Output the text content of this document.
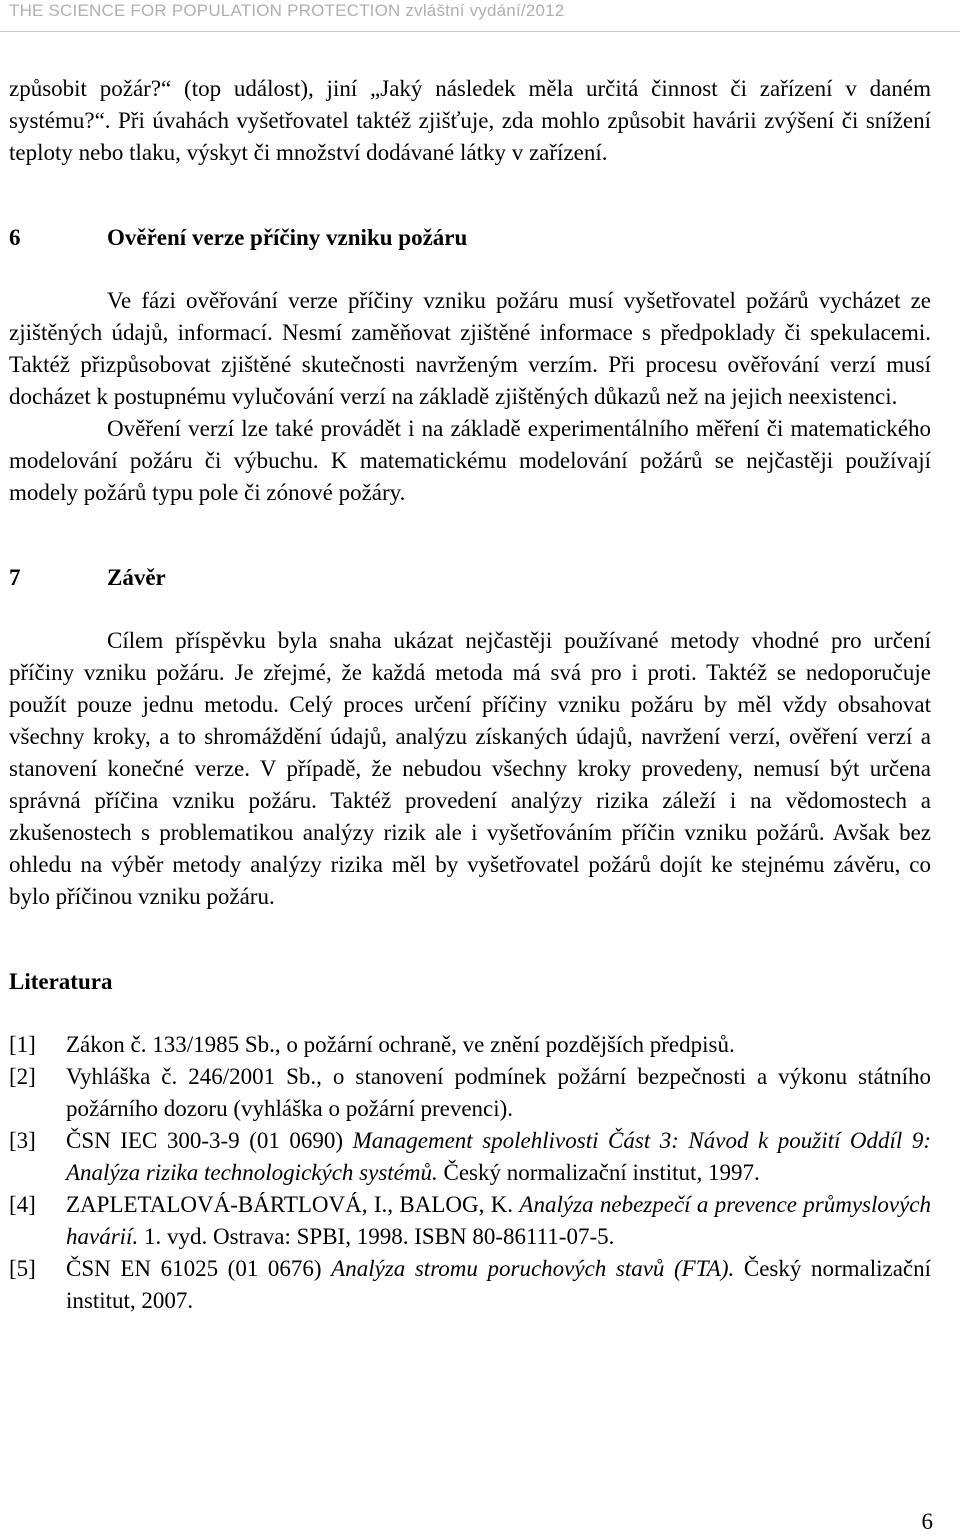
THE SCIENCE FOR POPULATION PROTECTION zvláštní vydání/2012

způsobit požár?“ (top událost), jiní „Jaký následek měla určitá činnost či zařízení v daném systému?“. Při úvahách vyšetřovatel taktéž zjišťuje, zda mohlo způsobit havárii zvýšení či snížení teploty nebo tlaku, výskyt či množství dodávané látky v zařízení.

6	Ověření verze příčiny vzniku požáru

Ve fázi ověřování verze příčiny vzniku požáru musí vyšetřovatel požárů vycházet ze zjištěných údajů, informací. Nesmí zaměňovat zjištěné informace s předpoklady či spekulacemi. Taktéž přizpůsobovat zjištěné skutečnosti navrženým verzím. Při procesu ověřování verzí musí docházet k postupnému vylučování verzí na základě zjištěných důkazů než na jejich neexistenci.

Ověření verzí lze také provádět i na základě experimentálního měření či matematického modelování požáru či výbuchu. K matematickému modelování požárů se nejčastěji používají modely požárů typu pole či zónové požáry.

7	Závěr

Cílem příspěvku byla snaha ukázat nejčastěji používané metody vhodné pro určení příčiny vzniku požáru. Je zřejmé, že každá metoda má svá pro i proti. Taktéž se nedoporučuje použít pouze jednu metodu. Celý proces určení příčiny vzniku požáru by měl vždy obsahovat všechny kroky, a to shromáždění údajů, analýzu získaných údajů, navržení verzí, ověření verzí a stanovení konečné verze. V případě, že nebudou všechny kroky provedeny, nemusí být určena správná příčina vzniku požáru. Taktéž provedení analýzy rizika záleží i na vědomostech a zkušenostech s problematikou analýzy rizik ale i vyšetřováním příčin vzniku požárů. Avšak bez ohledu na výběr metody analýzy rizika měl by vyšetřovatel požárů dojít ke stejnému závěru, co bylo příčinou vzniku požáru.

Literatura
[1]	Zákon č. 133/1985 Sb., o požární ochraně, ve znění pozdějších předpisů.
[2]	Vyhláška č. 246/2001 Sb., o stanovení podmínek požární bezpečnosti a výkonu státního požárního dozoru (vyhláška o požární prevenci).
[3]	ČSN IEC 300-3-9 (01 0690) Management spolehlivosti Část 3: Návod k použití Oddíl 9: Analýza rizika technologických systémů. Český normalizační institut, 1997.
[4]	ZAPLETALOVÁ-BÁRTLOVÁ, I., BALOG, K. Analýza nebezpečí a prevence průmyslových havárií. 1. vyd. Ostrava: SPBI, 1998. ISBN 80-86111-07-5.
[5]	ČSN EN 61025 (01 0676) Analýza stromu poruchových stavů (FTA). Český normalizační institut, 2007.
6
